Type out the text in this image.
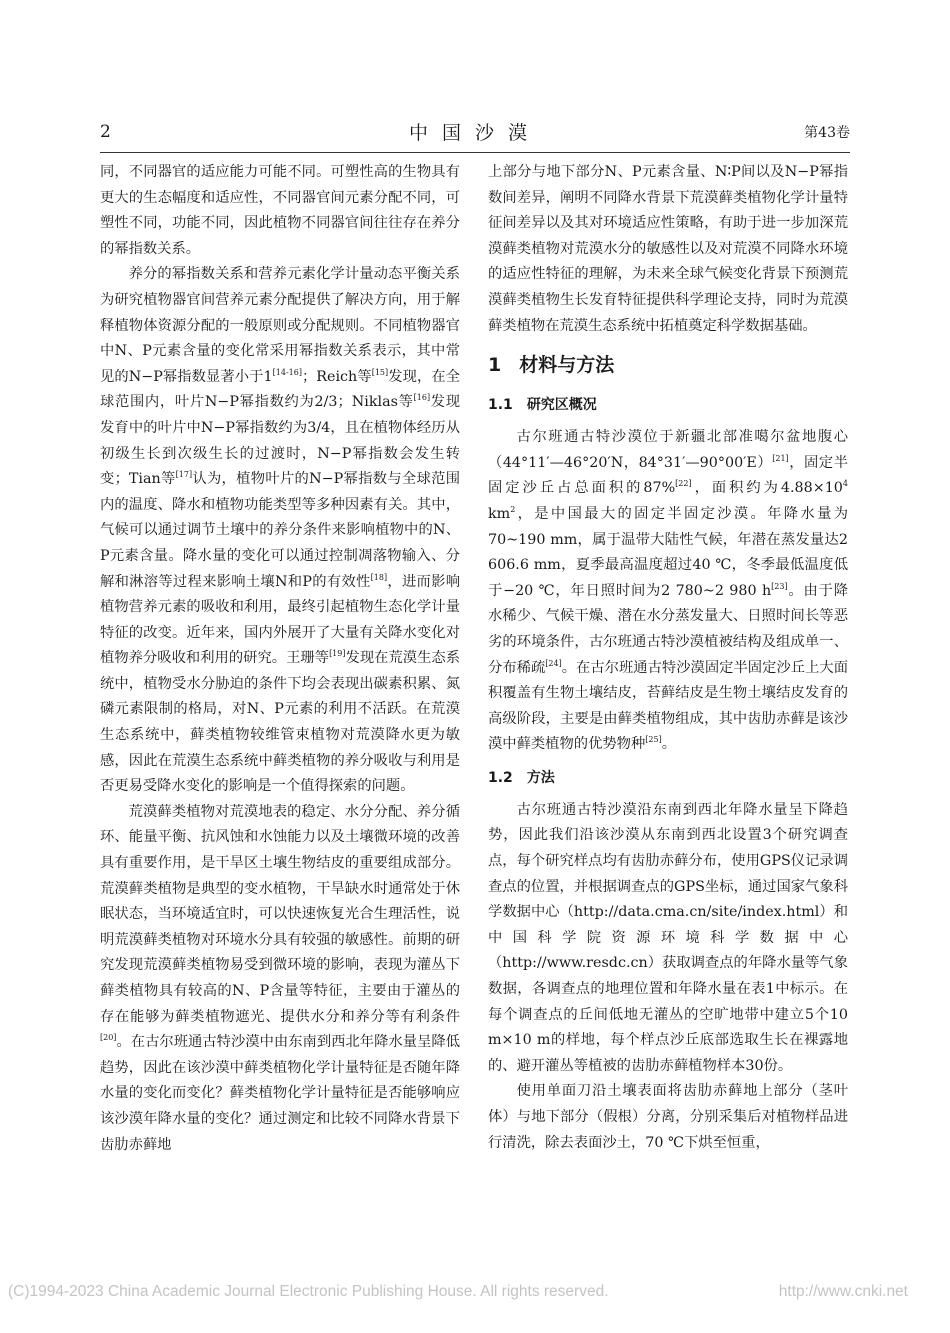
2	中国沙漠	第43卷

同，不同器官的适应能力可能不同。可塑性高的生物具有更大的生态幅度和适应性，不同器官间元素分配不同，可塑性不同，功能不同，因此植物不同器官间往往存在养分的幂指数关系。

养分的幂指数关系和营养元素化学计量动态平衡关系为研究植物器官间营养元素分配提供了解决方向，用于解释植物体资源分配的一般原则或分配规则。不同植物器官中N、P元素含量的变化常采用幂指数关系表示，其中常见的N−P幂指数显著小于1[14-16]；Reich等[15]发现，在全球范围内，叶片N−P幂指数约为2/3；Niklas等[16]发现发育中的叶片中N−P幂指数约为3/4，且在植物体经历从初级生长到次级生长的过渡时，N−P幂指数会发生转变；Tian等[17]认为，植物叶片的N−P幂指数与全球范围内的温度、降水和植物功能类型等多种因素有关。其中，气候可以通过调节土壤中的养分条件来影响植物中的N、P元素含量。降水量的变化可以通过控制凋落物输入、分解和淋溶等过程来影响土壤N和P的有效性[18]，进而影响植物营养元素的吸收和利用，最终引起植物生态化学计量特征的改变。近年来，国内外展开了大量有关降水变化对植物养分吸收和利用的研究。王珊等[19]发现在荒漠生态系统中，植物受水分胁迫的条件下均会表现出碳素积累、氮磷元素限制的格局，对N、P元素的利用不活跃。在荒漠生态系统中，藓类植物较维管束植物对荒漠降水更为敏感，因此在荒漠生态系统中藓类植物的养分吸收与利用是否更易受降水变化的影响是一个值得探索的问题。

荒漠藓类植物对荒漠地表的稳定、水分分配、养分循环、能量平衡、抗风蚀和水蚀能力以及土壤微环境的改善具有重要作用，是干旱区土壤生物结皮的重要组成部分。荒漠藓类植物是典型的变水植物，干旱缺水时通常处于休眠状态，当环境适宜时，可以快速恢复光合生理活性，说明荒漠藓类植物对环境水分具有较强的敏感性。前期的研究发现荒漠藓类植物易受到微环境的影响，表现为灌丛下藓类植物具有较高的N、P含量等特征，主要由于灌丛的存在能够为藓类植物遮光、提供水分和养分等有利条件[20]。在古尔班通古特沙漠中由东南到西北年降水量呈降低趋势，因此在该沙漠中藓类植物化学计量特征是否随年降水量的变化而变化？藓类植物化学计量特征是否能够响应该沙漠年降水量的变化？通过测定和比较不同降水背景下齿肋赤藓地

上部分与地下部分N、P元素含量、N∶P间以及N−P幂指数间差异，阐明不同降水背景下荒漠藓类植物化学计量特征间差异以及其对环境适应性策略，有助于进一步加深荒漠藓类植物对荒漠水分的敏感性以及对荒漠不同降水环境的适应性特征的理解，为未来全球气候变化背景下预测荒漠藓类植物生长发育特征提供科学理论支持，同时为荒漠藓类植物在荒漠生态系统中拓植奠定科学数据基础。

1 材料与方法
1.1 研究区概况

古尔班通古特沙漠位于新疆北部准噶尔盆地腹心（44°11′—46°20′N，84°31′—90°00′E）[21]，固定半固定沙丘占总面积的87%[22]，面积约为$4.88\times 10^4$ $km^2$，是中国最大的固定半固定沙漠。年降水量为70~190 mm，属于温带大陆性气候，年潜在蒸发量达2 606.6 mm，夏季最高温度超过40 ℃，冬季最低温度低于−20 ℃，年日照时间为2 780~2 980 h[23]。由于降水稀少、气候干燥、潜在水分蒸发量大、日照时间长等恶劣的环境条件，古尔班通古特沙漠植被结构及组成单一、分布稀疏[24]。在古尔班通古特沙漠固定半固定沙丘上大面积覆盖有生物土壤结皮，苔藓结皮是生物土壤结皮发育的高级阶段，主要是由藓类植物组成，其中齿肋赤藓是该沙漠中藓类植物的优势物种[25]。

1.2 方法

古尔班通古特沙漠沿东南到西北年降水量呈下降趋势，因此我们沿该沙漠从东南到西北设置3个研究调查点，每个研究样点均有齿肋赤藓分布，使用GPS仪记录调查点的位置，并根据调查点的GPS坐标，通过国家气象科学数据中心（http://data.cma.cn/site/index.html）和中国科学院资源环境科学数据中心（http://www.resdc.cn）获取调查点的年降水量等气象数据，各调查点的地理位置和年降水量在表1中标示。在每个调查点的丘间低地无灌丛的空旷地带中建立5个10 m×10 m的样地，每个样点沙丘底部选取生长在裸露地的、避开灌丛等植被的齿肋赤藓植物样本30份。

使用单面刀沿土壤表面将齿肋赤藓地上部分（茎叶体）与地下部分（假根）分离，分别采集后对植物样品进行清洗，除去表面沙土，70 ℃下烘至恒重，

(C)1994-2023 China Academic Journal Electronic Publishing House. All rights reserved.	http://www.cnki.net
